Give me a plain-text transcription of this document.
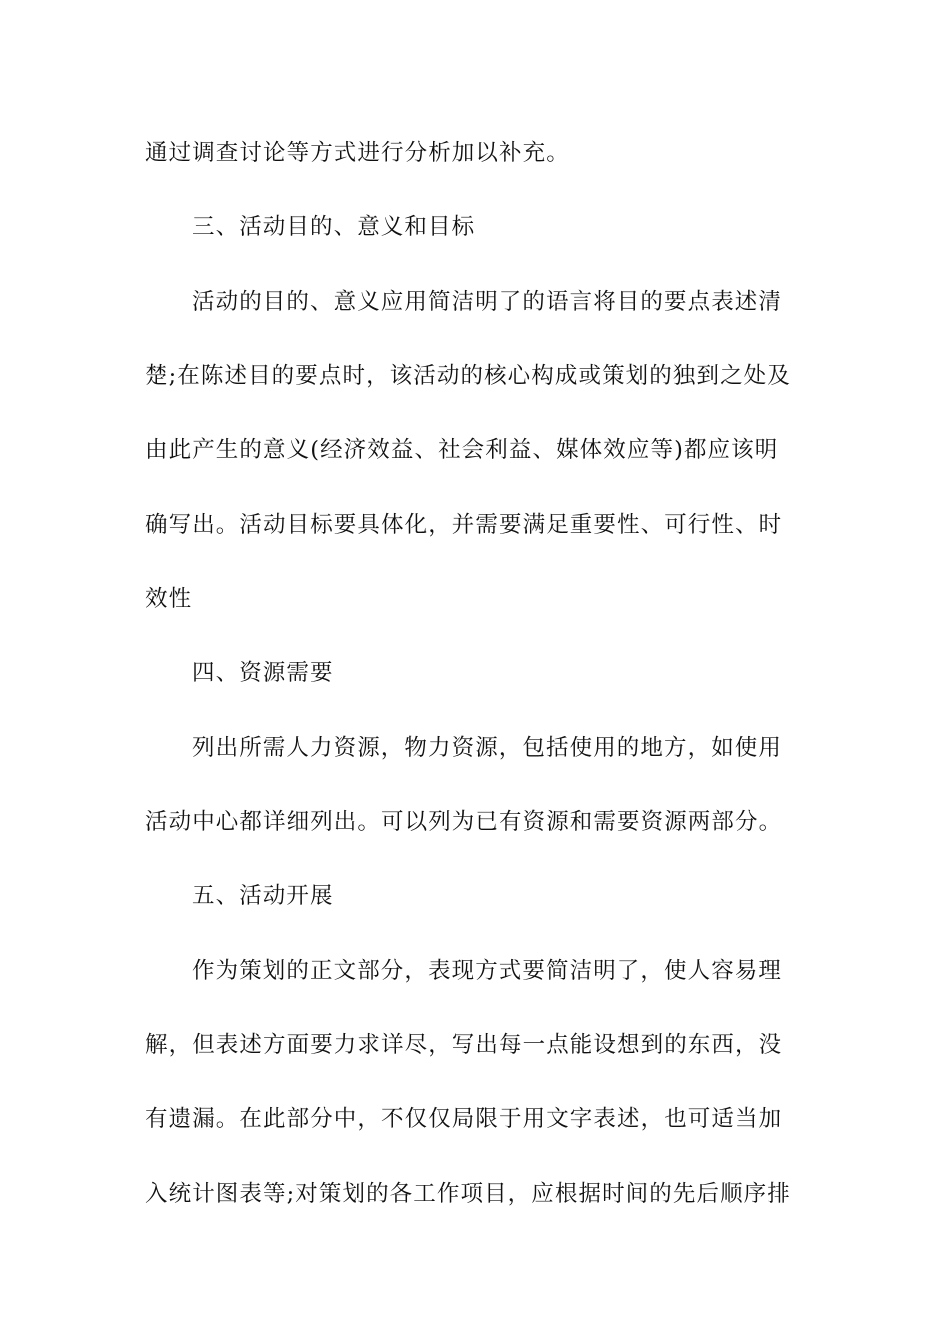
通过调查讨论等方式进行分析加以补充。
三、活动目的、意义和目标
活动的目的、意义应用简洁明了的语言将目的要点表述清
楚;在陈述目的要点时，该活动的核心构成或策划的独到之处及
由此产生的意义(经济效益、社会利益、媒体效应等)都应该明
确写出。活动目标要具体化，并需要满足重要性、可行性、时
效性
四、资源需要
列出所需人力资源，物力资源，包括使用的地方，如使用
活动中心都详细列出。可以列为已有资源和需要资源两部分。
五、活动开展
作为策划的正文部分，表现方式要简洁明了，使人容易理
解，但表述方面要力求详尽，写出每一点能设想到的东西，没
有遗漏。在此部分中，不仅仅局限于用文字表述，也可适当加
入统计图表等;对策划的各工作项目，应根据时间的先后顺序排
